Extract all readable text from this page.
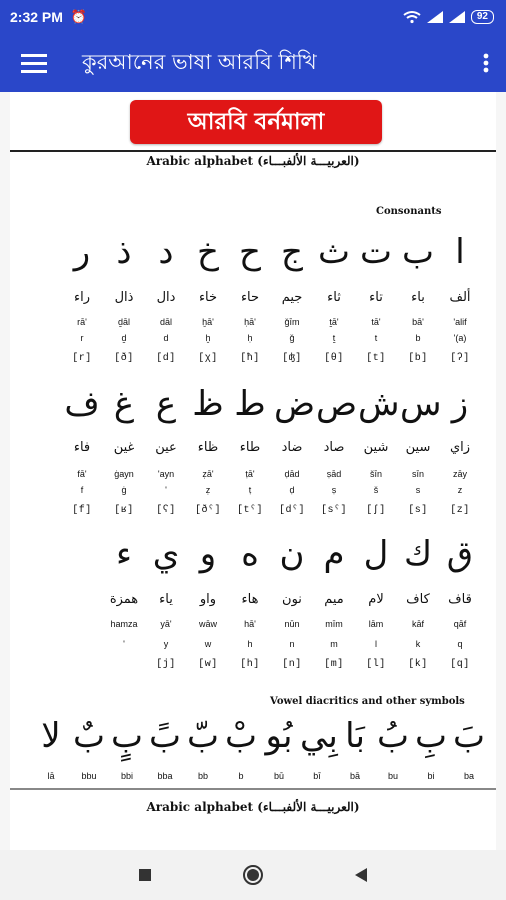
2:32 PM ⏰	92
কুরআনের ভাষা আরবি শিখি
আরবি বর্নমালা
Arabic alphabet (العربيـــة الألفبـــاء)
Consonants
ا
ب
ت
ث
ج
ح
خ
د
ذ
ر
ألف
باء
تاء
ثاء
جيم
حاء
خاء
دال
ذال
راء
'alif
bā'
tā'
ṯā'
ǧīm
ḥā'
ḫā'
dāl
ḏāl
rā'
'(a)
b
t
ṯ
ǧ
ḥ
ḫ
d
ḏ
r
[ʔ]
[b]
[t]
[θ]
[ʤ]
[ħ]
[χ]
[d]
[ð]
[r]
ز
س
ش
ص
ض
ط
ظ
ع
غ
ف
زاي
سين
شين
صاد
ضاد
طاء
ظاء
عين
غين
فاء
zāy
sīn
šīn
ṣād
ḍād
ṭā'
ẓā'
'ayn
ġayn
fā'
z
s
š
ṣ
ḍ
ṭ
ẓ
'
ġ
f
[z]
[s]
[ʃ]
[sˤ]
[dˤ]
[tˤ]
[ðˤ]
[ʕ]
[ʁ]
[f]
ق
ك
ل
م
ن
ه
و
ي
ء
قاف
كاف
لام
ميم
نون
هاء
واو
ياء
همزة
qāf
kāf
lām
mīm
nūn
hā'
wāw
yā'
hamza
q
k
l
m
n
h
w
y
'
[q]
[k]
[l]
[m]
[n]
[h]
[w]
[j]
Vowel diacritics and other symbols
بَ
بِ
بُ
بَا
بِي
بُو
بْ
بّ
بً
بٍ
بٌ
لا
ba
bi
bu
bā
bī
bū
b
bb
bba
bbi
bbu
lā
Arabic alphabet (العربيـــة الألفبـــاء)
